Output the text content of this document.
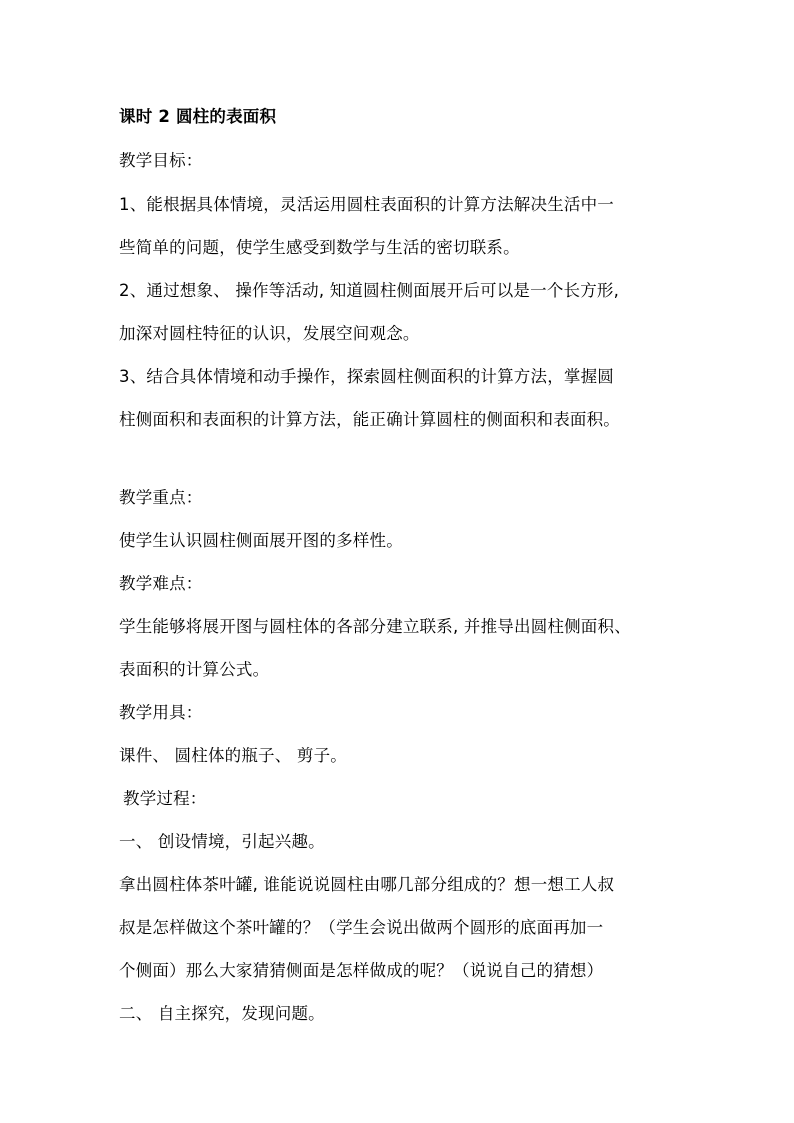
课时 2 圆柱的表面积
教学目标：
1、能根据具体情境，灵活运用圆柱表面积的计算方法解决生活中一
些简单的问题，使学生感受到数学与生活的密切联系。
2、通过想象、 操作等活动, 知道圆柱侧面展开后可以是一个长方形,
加深对圆柱特征的认识，发展空间观念。
3、结合具体情境和动手操作，探索圆柱侧面积的计算方法，掌握圆
柱侧面积和表面积的计算方法，能正确计算圆柱的侧面积和表面积。
教学重点：
使学生认识圆柱侧面展开图的多样性。
教学难点：
学生能够将展开图与圆柱体的各部分建立联系, 并推导出圆柱侧面积、
表面积的计算公式。
教学用具：
课件、 圆柱体的瓶子、 剪子。
教学过程：
一、 创设情境，引起兴趣。
拿出圆柱体茶叶罐, 谁能说说圆柱由哪几部分组成的？想一想工人叔
叔是怎样做这个茶叶罐的？（学生会说出做两个圆形的底面再加一
个侧面）那么大家猜猜侧面是怎样做成的呢？（说说自己的猜想）
二、 自主探究，发现问题。
